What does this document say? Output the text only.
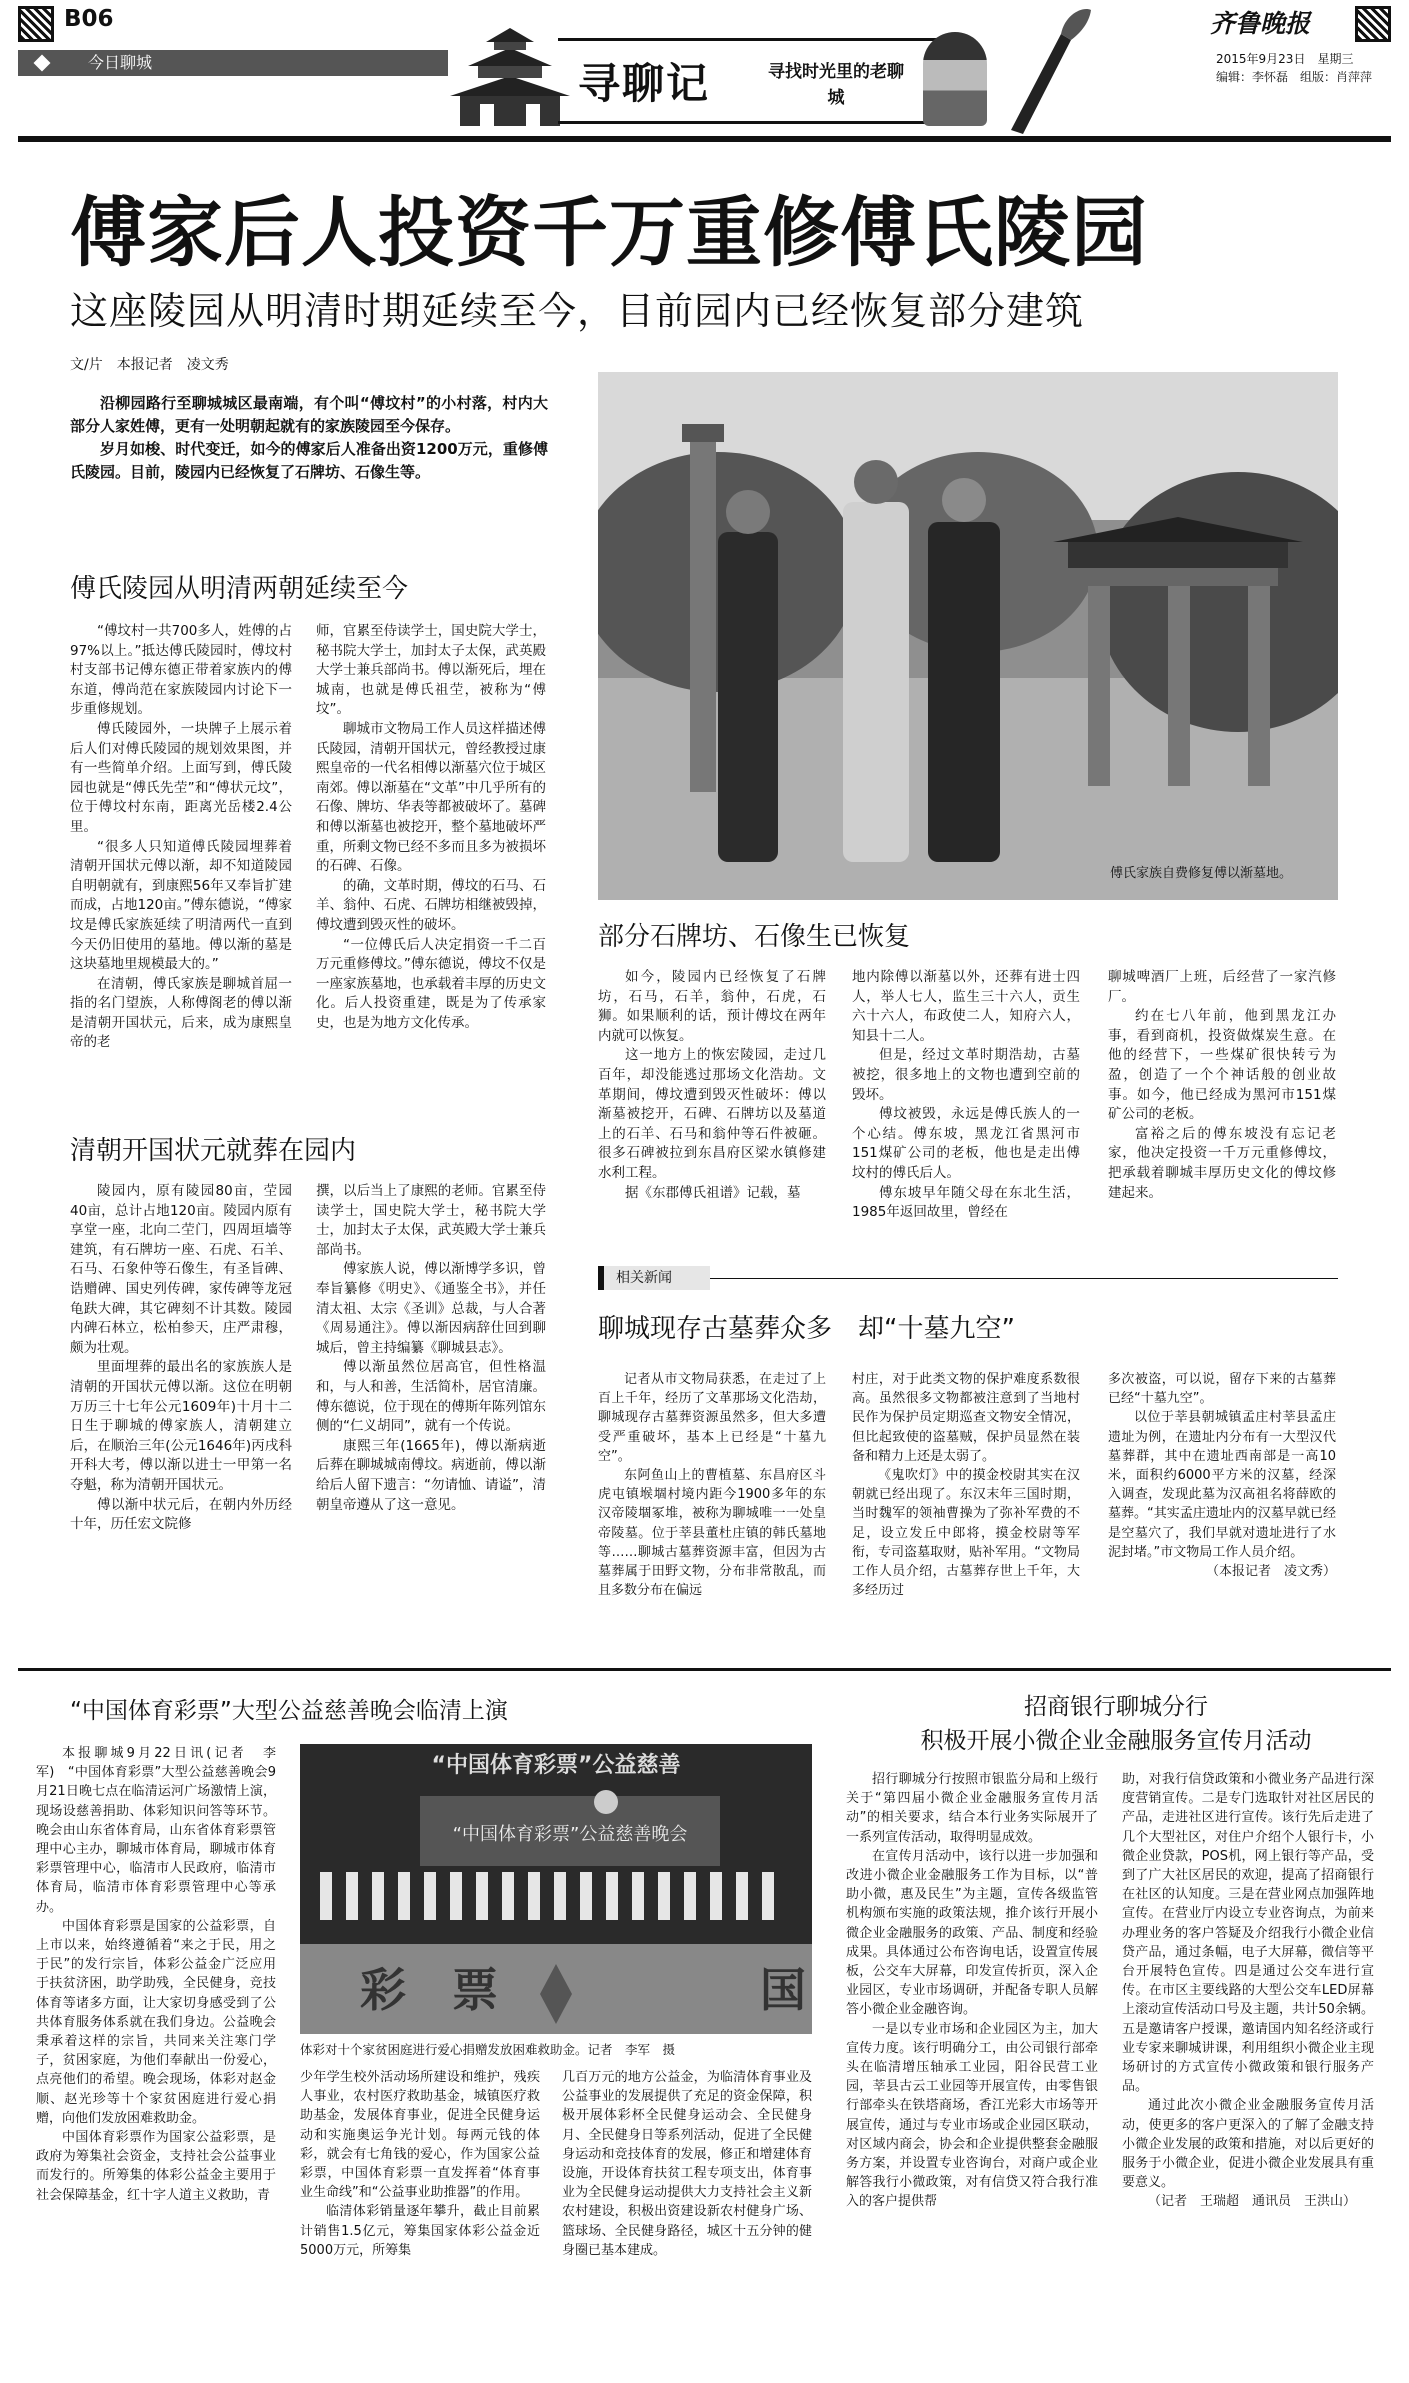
B06
今日聊城	寻聊记	寻找时光里的老聊城
齐鲁晚报
2015年9月23日　星期三
编辑：李怀磊　组版：肖萍萍
傅家后人投资千万重修傅氏陵园
这座陵园从明清时期延续至今，目前园内已经恢复部分建筑
文/片　本报记者　凌文秀

沿柳园路行至聊城城区最南端，有个叫“傅坟村”的小村落，村内大部分人家姓傅，更有一处明朝起就有的家族陵园至今保存。

岁月如梭、时代变迁，如今的傅家后人准备出资1200万元，重修傅氏陵园。目前，陵园内已经恢复了石牌坊、石像生等。

傅氏家族自费修复傅以渐墓地。
傅氏陵园从明清两朝延续至今

“傅坟村一共700多人，姓傅的占97%以上。”抵达傅氏陵园时，傅坟村村支部书记傅东德正带着家族内的傅东道，傅尚范在家族陵园内讨论下一步重修规划。

傅氏陵园外，一块牌子上展示着后人们对傅氏陵园的规划效果图，并有一些简单介绍。上面写到，傅氏陵园也就是“傅氏先茔”和“傅状元坟”，位于傅坟村东南，距离光岳楼2.4公里。

“很多人只知道傅氏陵园埋葬着清朝开国状元傅以渐，却不知道陵园自明朝就有，到康熙56年又奉旨扩建而成，占地120亩。”傅东德说，“傅家坟是傅氏家族延续了明清两代一直到今天仍旧使用的墓地。傅以渐的墓是这块墓地里规模最大的。”

在清朝，傅氏家族是聊城首屈一指的名门望族，人称傅阁老的傅以渐是清朝开国状元，后来，成为康熙皇帝的老

师，官累至侍读学士，国史院大学士，秘书院大学士，加封太子太保，武英殿大学士兼兵部尚书。傅以渐死后，埋在城南，也就是傅氏祖茔，被称为“傅坟”。

聊城市文物局工作人员这样描述傅氏陵园，清朝开国状元，曾经教授过康熙皇帝的一代名相傅以渐墓穴位于城区南郊。傅以渐墓在“文革”中几乎所有的石像、牌坊、华表等都被破坏了。墓碑和傅以渐墓也被挖开，整个墓地破坏严重，所剩文物已经不多而且多为被损坏的石碑、石像。

的确，文革时期，傅坟的石马、石羊、翁仲、石虎、石牌坊相继被毁掉，傅坟遭到毁灭性的破坏。

“一位傅氏后人决定捐资一千二百万元重修傅坟。”傅东德说，傅坟不仅是一座家族墓地，也承载着丰厚的历史文化。后人投资重建，既是为了传承家史，也是为地方文化传承。

清朝开国状元就葬在园内

陵园内，原有陵园80亩，茔园40亩，总计占地120亩。陵园内原有享堂一座，北向二茔门，四周垣墙等建筑，有石牌坊一座、石虎、石羊、石马、石象仲等石像生，有圣旨碑、诰赠碑、国史列传碑，家传碑等龙冠龟趺大碑，其它碑刻不计其数。陵园内碑石林立，松柏参天，庄严肃穆，颇为壮观。

里面埋葬的最出名的家族族人是清朝的开国状元傅以渐。这位在明朝万历三十七年公元1609年)十月十二日生于聊城的傅家族人，清朝建立后，在顺治三年(公元1646年)丙戌科开科大考，傅以渐以进士一甲第一名夺魁，称为清朝开国状元。

傅以渐中状元后，在朝内外历经十年，历任宏文院修

撰，以后当上了康熙的老师。官累至侍读学士，国史院大学士，秘书院大学士，加封太子太保，武英殿大学士兼兵部尚书。

傅家族人说，傅以渐博学多识，曾奉旨纂修《明史》、《通鉴全书》，并任清太祖、太宗《圣训》总裁，与人合著《周易通注》。傅以渐因病辞仕回到聊城后，曾主持编纂《聊城县志》。

傅以渐虽然位居高官，但性格温和，与人和善，生活简朴，居官清廉。傅东德说，位于现在的傅斯年陈列馆东侧的“仁义胡同”，就有一个传说。

康熙三年(1665年)，傅以渐病逝后葬在聊城城南傅坟。病逝前，傅以渐给后人留下遗言：“勿请恤、请谥”，清朝皇帝遵从了这一意见。

部分石牌坊、石像生已恢复

如今，陵园内已经恢复了石牌坊，石马，石羊，翁仲，石虎，石狮。如果顺利的话，预计傅坟在两年内就可以恢复。

这一地方上的恢宏陵园，走过几百年，却没能逃过那场文化浩劫。文革期间，傅坟遭到毁灭性破坏：傅以渐墓被挖开，石碑、石牌坊以及墓道上的石羊、石马和翁仲等石件被砸。很多石碑被拉到东昌府区梁水镇修建水利工程。

据《东郡傅氏祖谱》记载，墓

地内除傅以渐墓以外，还葬有进士四人，举人七人，监生三十六人，贡生六十六人，布政使二人，知府六人，知县十二人。

但是，经过文革时期浩劫，古墓被挖，很多地上的文物也遭到空前的毁坏。

傅坟被毁，永远是傅氏族人的一个心结。傅东坡，黑龙江省黑河市151煤矿公司的老板，他也是走出傅坟村的傅氏后人。

傅东坡早年随父母在东北生活，1985年返回故里，曾经在

聊城啤酒厂上班，后经营了一家汽修厂。

约在七八年前，他到黑龙江办事，看到商机，投资做煤炭生意。在他的经营下，一些煤矿很快转亏为盈，创造了一个个神话般的创业故事。如今，他已经成为黑河市151煤矿公司的老板。

富裕之后的傅东坡没有忘记老家，他决定投资一千万元重修傅坟，把承载着聊城丰厚历史文化的傅坟修建起来。

相关新闻
聊城现存古墓葬众多　却“十墓九空”

记者从市文物局获悉，在走过了上百上千年，经历了文革那场文化浩劫，聊城现存古墓葬资源虽然多，但大多遭受严重破坏，基本上已经是“十墓九空”。

东阿鱼山上的曹植墓、东昌府区斗虎屯镇堠堌村境内距今1900多年的东汉帝陵堌冢堆，被称为聊城唯一一处皇帝陵墓。位于莘县董杜庄镇的韩氏墓地等……聊城古墓葬资源丰富，但因为古墓葬属于田野文物，分布非常散乱，而且多数分布在偏远

村庄，对于此类文物的保护难度系数很高。虽然很多文物都被注意到了当地村民作为保护员定期巡查文物安全情况，但比起致使的盗墓贼，保护员显然在装备和精力上还是太弱了。

《鬼吹灯》中的摸金校尉其实在汉朝就已经出现了。东汉末年三国时期，当时魏军的领袖曹操为了弥补军费的不足，设立发丘中郎将，摸金校尉等军衔，专司盗墓取财，贴补军用。“文物局工作人员介绍，古墓葬存世上千年，大多经历过

多次被盗，可以说，留存下来的古墓葬已经“十墓九空”。

以位于莘县朝城镇孟庄村莘县孟庄遗址为例，在遗址内分布有一大型汉代墓葬群，其中在遗址西南部是一高10米，面积约6000平方米的汉墓，经深入调查，发现此墓为汉高祖名将薛欧的墓葬。“其实孟庄遗址内的汉墓早就已经是空墓穴了，我们早就对遗址进行了水泥封堵。”市文物局工作人员介绍。

（本报记者　凌文秀）

“中国体育彩票”大型公益慈善晚会临清上演

本报聊城9月22日讯(记者　李军)　“中国体育彩票”大型公益慈善晚会9月21日晚七点在临清运河广场激情上演，现场设慈善捐助、体彩知识问答等环节。晚会由山东省体育局，山东省体育彩票管理中心主办，聊城市体育局，聊城市体育彩票管理中心，临清市人民政府，临清市体育局，临清市体育彩票管理中心等承办。

中国体育彩票是国家的公益彩票，自上市以来，始终遵循着“来之于民，用之于民”的发行宗旨，体彩公益金广泛应用于扶贫济困，助学助残，全民健身，竞技体育等诸多方面，让大家切身感受到了公共体育服务体系就在我们身边。公益晚会秉承着这样的宗旨，共同来关注寒门学子，贫困家庭，为他们奉献出一份爱心，点亮他们的希望。晚会现场，体彩对赵金顺、赵光珍等十个家贫困庭进行爱心捐赠，向他们发放困难救助金。

中国体育彩票作为国家公益彩票，是政府为筹集社会资金，支持社会公益事业而发行的。所筹集的体彩公益金主要用于社会保障基金，红十字人道主义救助，青

“中国体育彩票”公益慈善
“中国体育彩票”公益慈善晚会
彩　票	国
体彩对十个家贫困庭进行爱心捐赠发放困难救助金。记者　李军　摄

少年学生校外活动场所建设和维护，残疾人事业，农村医疗救助基金，城镇医疗救助基金，发展体育事业，促进全民健身运动和实施奥运争光计划。每两元钱的体彩，就会有七角钱的爱心，作为国家公益彩票，中国体育彩票一直发挥着“体育事业生命线”和“公益事业助推器”的作用。

临清体彩销量逐年攀升，截止目前累计销售1.5亿元，筹集国家体彩公益金近5000万元，所筹集

几百万元的地方公益金，为临清体育事业及公益事业的发展提供了充足的资金保障，积极开展体彩杯全民健身运动会、全民健身月、全民健身日等系列活动，促进了全民健身运动和竞技体育的发展，修正和增建体育设施，开设体育扶贫工程专项支出，体育事业为全民健身运动提供大力支持社会主义新农村建设，积极出资建设新农村健身广场、篮球场、全民健身路径，城区十五分钟的健身圈已基本建成。

招商银行聊城分行
积极开展小微企业金融服务宣传月活动

招行聊城分行按照市银监分局和上级行关于“第四届小微企业金融服务宣传月活动”的相关要求，结合本行业务实际展开了一系列宣传活动，取得明显成效。

在宣传月活动中，该行以进一步加强和改进小微企业金融服务工作为目标，以“普助小微，惠及民生”为主题，宣传各级监管机构颁布实施的政策法规，推介该行开展小微企业金融服务的政策、产品、制度和经验成果。具体通过公布咨询电话，设置宣传展板，公交车大屏幕，印发宣传折页，深入企业园区，专业市场调研，并配备专职人员解答小微企业金融咨询。

一是以专业市场和企业园区为主，加大宣传力度。该行明确分工，由公司银行部牵头在临清增压轴承工业园，阳谷民营工业园，莘县古云工业园等开展宣传，由零售银行部牵头在铁塔商场，香江光彩大市场等开展宣传，通过与专业市场或企业园区联动，对区域内商会，协会和企业提供整套金融服务方案，并设置专业咨询台，对商户或企业解答我行小微政策，对有信贷又符合我行准入的客户提供帮

助，对我行信贷政策和小微业务产品进行深度营销宣传。二是专门选取针对社区居民的产品，走进社区进行宣传。该行先后走进了几个大型社区，对住户介绍个人银行卡，小微企业贷款，POS机，网上银行等产品，受到了广大社区居民的欢迎，提高了招商银行在社区的认知度。三是在营业网点加强阵地宣传。在营业厅内设立专业咨询点，为前来办理业务的客户答疑及介绍我行小微企业信贷产品，通过条幅，电子大屏幕，微信等平台开展特色宣传。四是通过公交车进行宣传。在市区主要线路的大型公交车LED屏幕上滚动宣传活动口号及主题，共计50余辆。五是邀请客户授课，邀请国内知名经济或行业专家来聊城讲课，利用组织小微企业主现场研讨的方式宣传小微政策和银行服务产品。

通过此次小微企业金融服务宣传月活动，使更多的客户更深入的了解了金融支持小微企业发展的政策和措施，对以后更好的服务于小微企业，促进小微企业发展具有重要意义。

（记者　王瑞超　通讯员　王洪山）
